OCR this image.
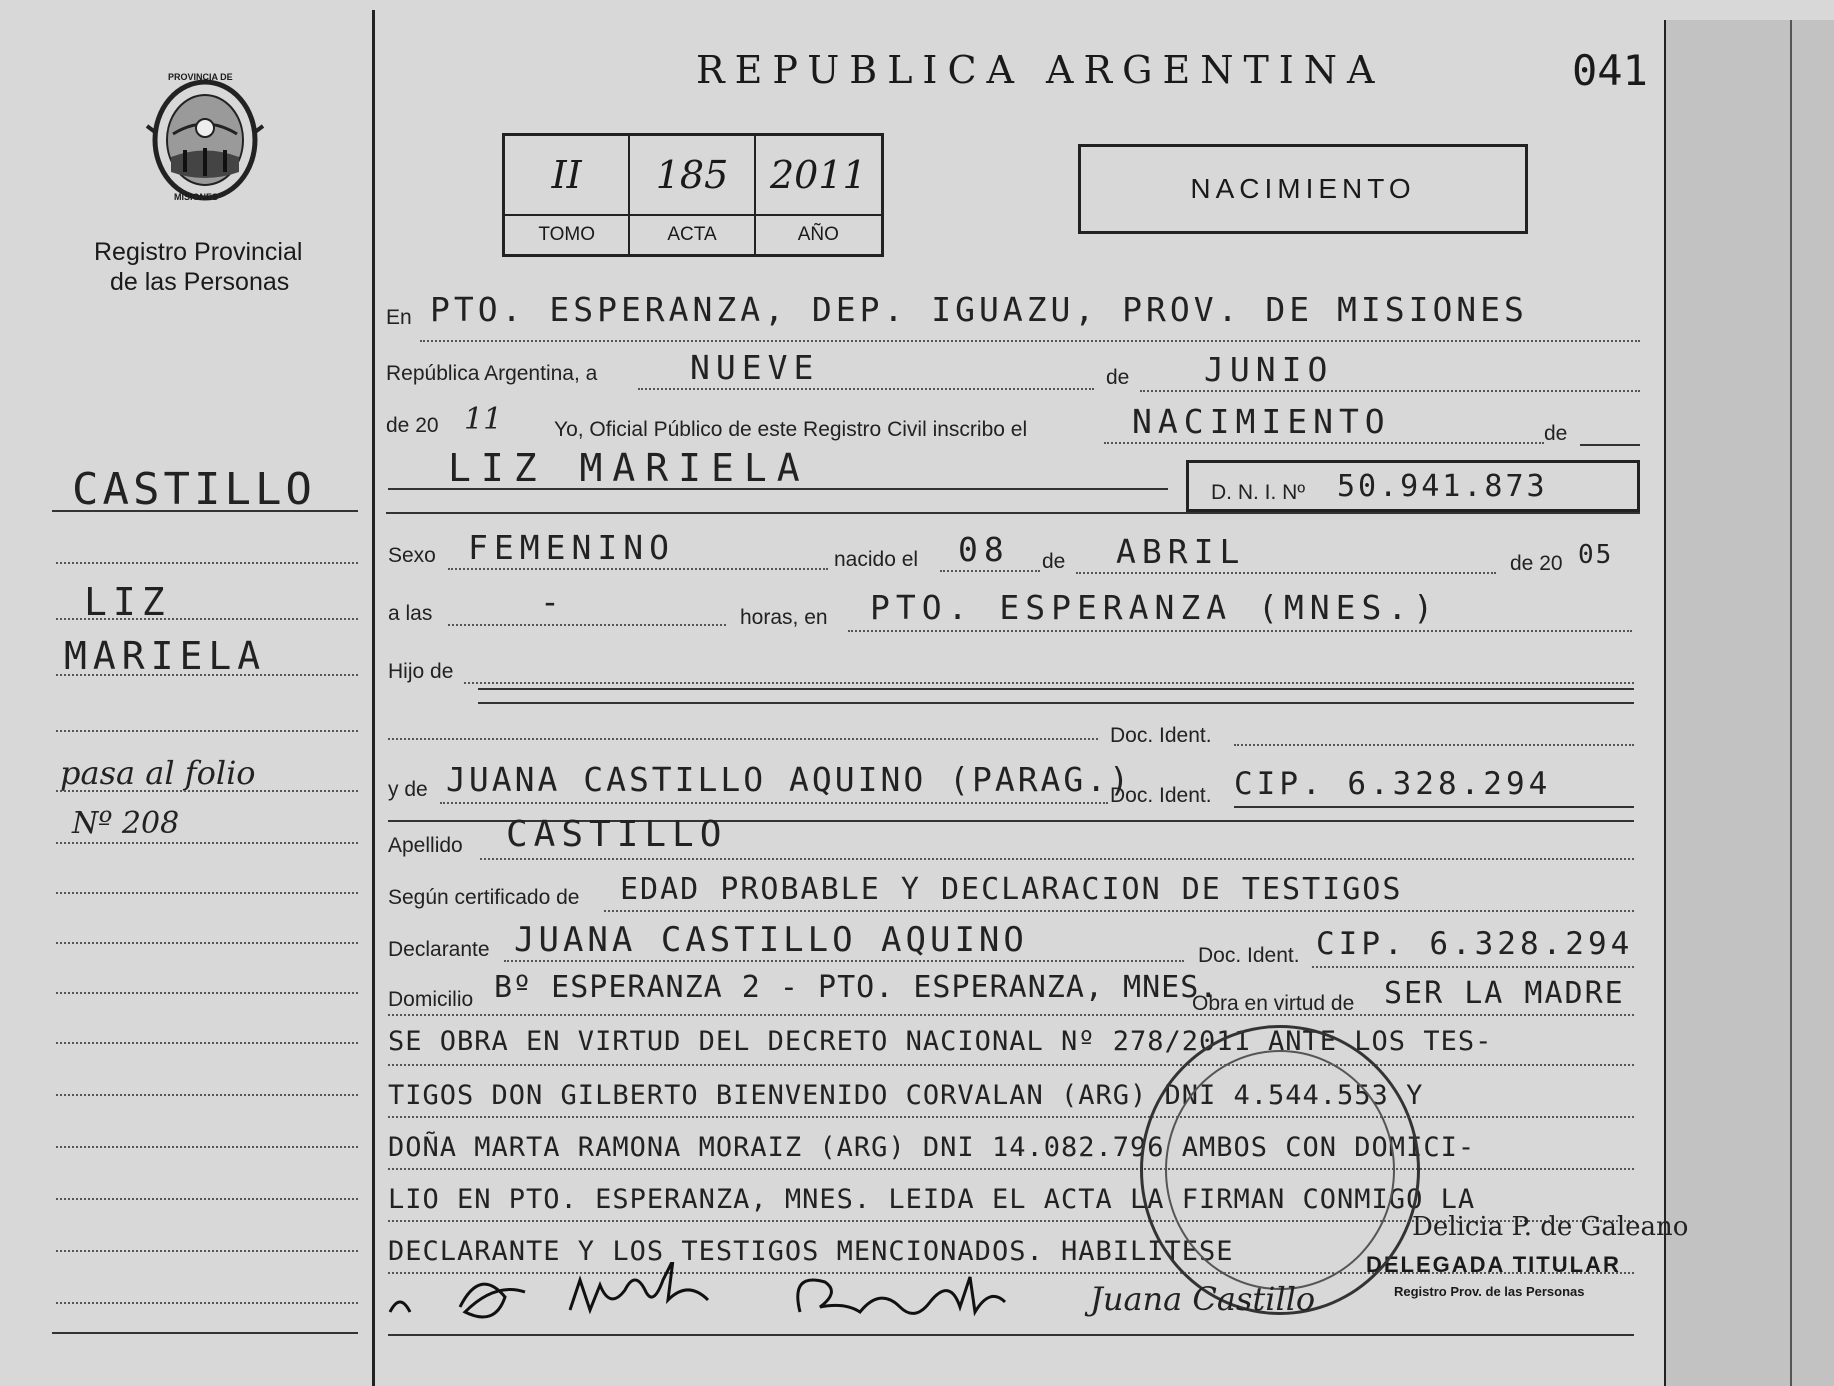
PROVINCIA DE
MISIONES
Registro Provincial
de las Personas
REPUBLICA ARGENTINA	041
II	185	2011
TOMO	ACTA	AÑO
NACIMIENTO
CASTILLO
LIZ
MARIELA
pasa al folio
Nº 208
En PTO. ESPERANZA, DEP. IGUAZU, PROV. DE MISIONES
República Argentina, a	NUEVE	de JUNIO
de 20 11 Yo, Oficial Público de este Registro Civil inscribo el	NACIMIENTO	de
LIZ MARIELA
D. N. I. Nº 50.941.873
Sexo FEMENINO	nacido el 08 de ABRIL	de 20 05
a las	-	horas, en PTO. ESPERANZA (MNES.)
Hijo de
Doc. Ident.
y de JUANA CASTILLO AQUINO (PARAG.)
Doc. Ident. CIP. 6.328.294
Apellido CASTILLO
Según certificado de EDAD PROBABLE Y DECLARACION DE TESTIGOS
Declarante JUANA CASTILLO AQUINO	Doc. Ident. CIP. 6.328.294
Domicilio Bº ESPERANZA 2 - PTO. ESPERANZA, MNES.
Obra en virtud de SER LA MADRE
SE OBRA EN VIRTUD DEL DECRETO NACIONAL Nº 278/2011 ANTE LOS TES-
TIGOS DON GILBERTO BIENVENIDO CORVALAN (ARG) DNI 4.544.553 Y
DOÑA MARTA RAMONA MORAIZ (ARG) DNI 14.082.796 AMBOS CON DOMICI-
LIO EN PTO. ESPERANZA, MNES. LEIDA EL ACTA LA FIRMAN CONMIGO LA
DECLARANTE Y LOS TESTIGOS MENCIONADOS. HABILITESE
Delicia P. de Galeano
DELEGADA TITULAR
Registro Prov. de las Personas
Juana Castillo
